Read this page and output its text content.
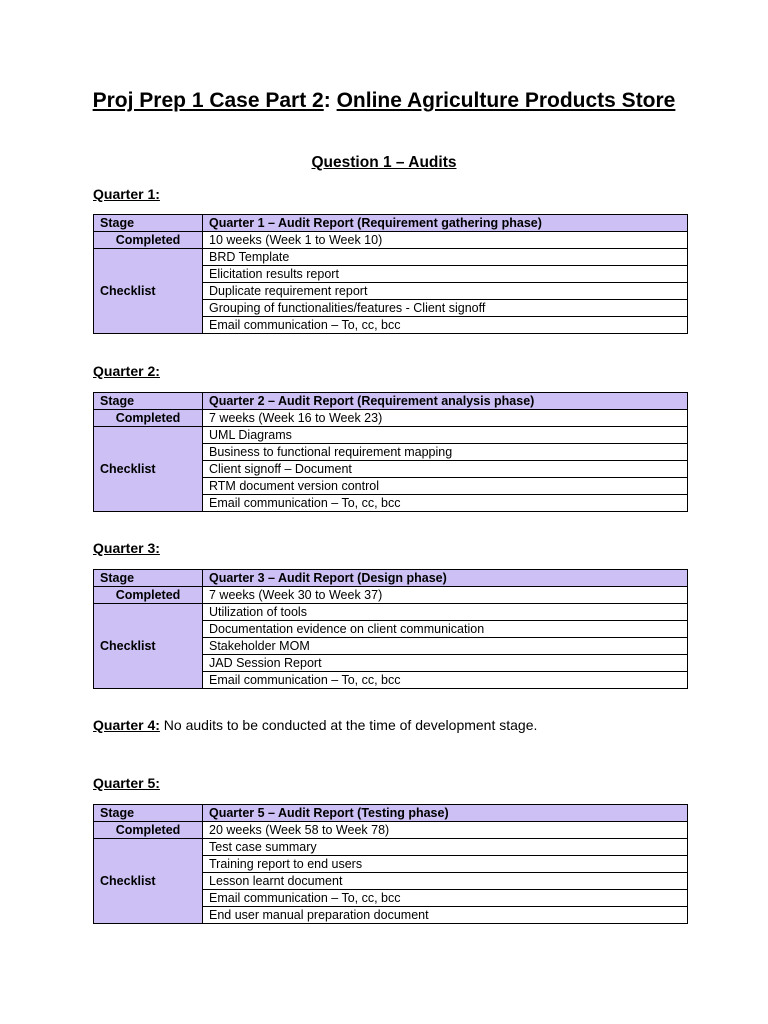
Proj Prep 1 Case Part 2: Online Agriculture Products Store
Question 1 – Audits
Quarter 1:
Stage	Quarter 1 – Audit Report (Requirement gathering phase)
Completed	10 weeks (Week 1 to Week 10)
Checklist	BRD Template
	Elicitation results report
	Duplicate requirement report
	Grouping of functionalities/features - Client signoff
	Email communication – To, cc, bcc
Quarter 2:
Stage	Quarter 2 – Audit Report (Requirement analysis phase)
Completed	7 weeks (Week 16 to Week 23)
Checklist	UML Diagrams
	Business to functional requirement mapping
	Client signoff – Document
	RTM document version control
	Email communication – To, cc, bcc
Quarter 3:
Stage	Quarter 3 – Audit Report (Design phase)
Completed	7 weeks (Week 30 to Week 37)
Checklist	Utilization of tools
	Documentation evidence on client communication
	Stakeholder MOM
	JAD Session Report
	Email communication – To, cc, bcc
Quarter 4: No audits to be conducted at the time of development stage.
Quarter 5:
Stage	Quarter 5 – Audit Report (Testing phase)
Completed	20 weeks (Week 58 to Week 78)
Checklist	Test case summary
	Training report to end users
	Lesson learnt document
	Email communication – To, cc, bcc
	End user manual preparation document
